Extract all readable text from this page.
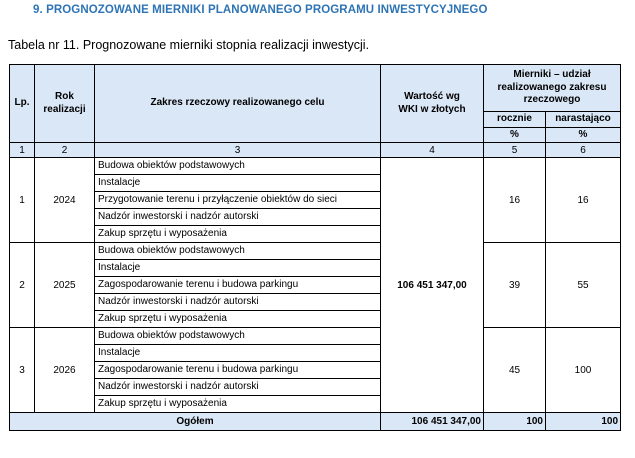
9. PROGNOZOWANE MIERNIKI PLANOWANEGO PROGRAMU INWESTYCYJNEGO
Tabela nr 11. Prognozowane mierniki stopnia realizacji inwestycji.
Lp.	Rok realizacji	Zakres rzeczowy realizowanego celu	Wartość wg WKI w złotych	Mierniki – udział realizowanego zakresu rzeczowego	
				rocznie	narastająco
				%	%
1	2	3	4	5	6
1	2024	Budowa obiektów podstawowych	106 451 347,00	16	16
		Instalacje			
		Przygotowanie terenu i przyłączenie obiektów do sieci			
		Nadzór inwestorski i nadzór autorski			
		Zakup sprzętu i wyposażenia			
2	2025	Budowa obiektów podstawowych		39	55
		Instalacje			
		Zagospodarowanie terenu i budowa parkingu			
		Nadzór inwestorski i nadzór autorski			
		Zakup sprzętu i wyposażenia			
3	2026	Budowa obiektów podstawowych		45	100
		Instalacje			
		Zagospodarowanie terenu i budowa parkingu			
		Nadzór inwestorski i nadzór autorski			
		Zakup sprzętu i wyposażenia			
Ogółem			106 451 347,00	100	100
